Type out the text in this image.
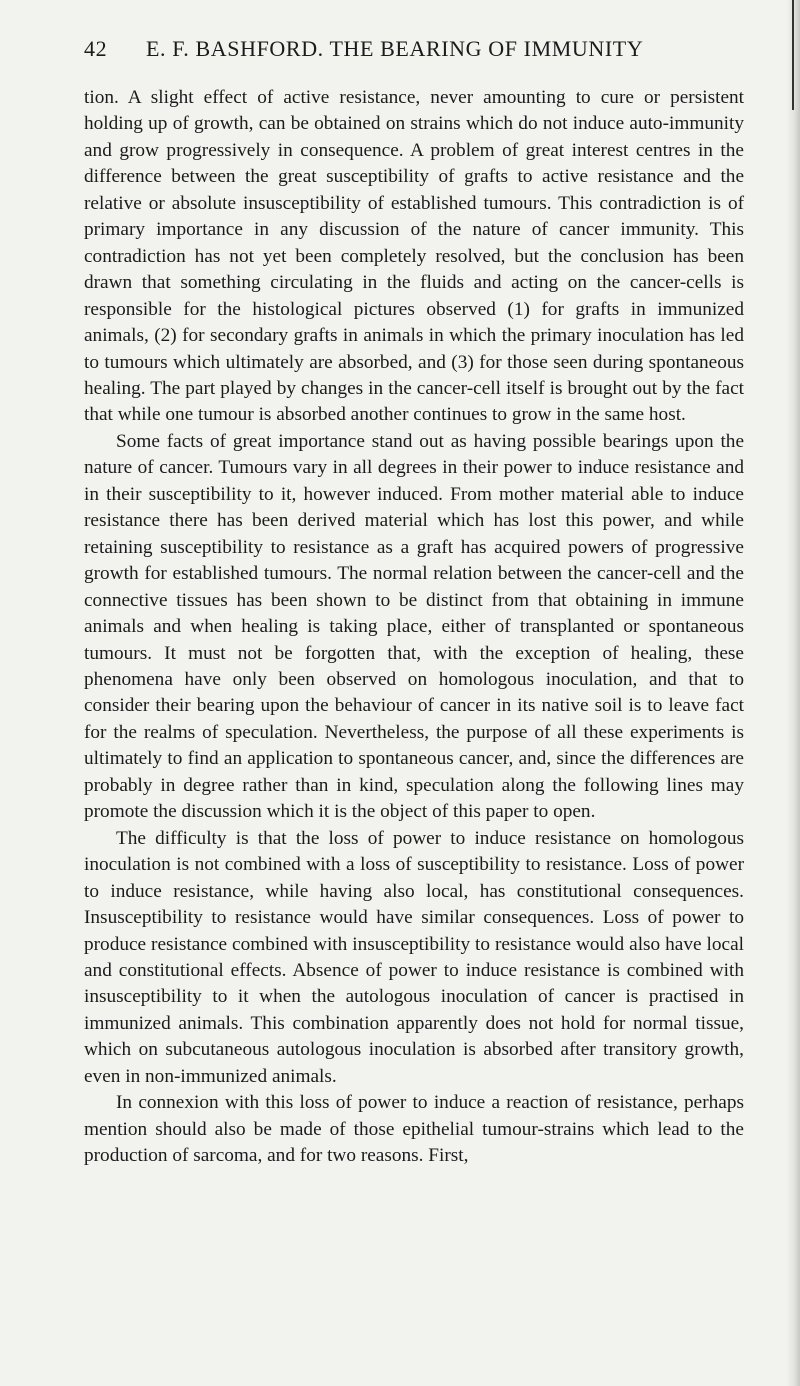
42 E. F. BASHFORD. THE BEARING OF IMMUNITY

tion. A slight effect of active resistance, never amounting to cure or persistent holding up of growth, can be obtained on strains which do not induce auto-immunity and grow progressively in consequence. A problem of great interest centres in the difference between the great susceptibility of grafts to active resistance and the relative or absolute insusceptibility of established tumours. This contradiction is of primary importance in any discussion of the nature of cancer immunity. This contradiction has not yet been completely resolved, but the conclusion has been drawn that something circulating in the fluids and acting on the cancer-cells is responsible for the histological pictures observed (1) for grafts in immunized animals, (2) for secondary grafts in animals in which the primary inoculation has led to tumours which ultimately are absorbed, and (3) for those seen during spontaneous healing. The part played by changes in the cancer-cell itself is brought out by the fact that while one tumour is absorbed another continues to grow in the same host.

Some facts of great importance stand out as having possible bearings upon the nature of cancer. Tumours vary in all degrees in their power to induce resistance and in their susceptibility to it, however induced. From mother material able to induce resistance there has been derived material which has lost this power, and while retaining susceptibility to resistance as a graft has acquired powers of progressive growth for established tumours. The normal relation between the cancer-cell and the connective tissues has been shown to be distinct from that obtaining in immune animals and when healing is taking place, either of transplanted or spontaneous tumours. It must not be forgotten that, with the exception of healing, these phenomena have only been observed on homologous inoculation, and that to consider their bearing upon the behaviour of cancer in its native soil is to leave fact for the realms of speculation. Nevertheless, the purpose of all these experiments is ultimately to find an application to spontaneous cancer, and, since the differences are probably in degree rather than in kind, speculation along the following lines may promote the discussion which it is the object of this paper to open.

The difficulty is that the loss of power to induce resistance on homologous inoculation is not combined with a loss of susceptibility to resistance. Loss of power to induce resistance, while having also local, has constitutional consequences. Insusceptibility to resistance would have similar consequences. Loss of power to produce resistance combined with insusceptibility to resistance would also have local and constitutional effects. Absence of power to induce resistance is combined with insusceptibility to it when the autologous inoculation of cancer is practised in immunized animals. This combination apparently does not hold for normal tissue, which on subcutaneous autologous inoculation is absorbed after transitory growth, even in non-immunized animals.

In connexion with this loss of power to induce a reaction of resistance, perhaps mention should also be made of those epithelial tumour-strains which lead to the production of sarcoma, and for two reasons. First,
